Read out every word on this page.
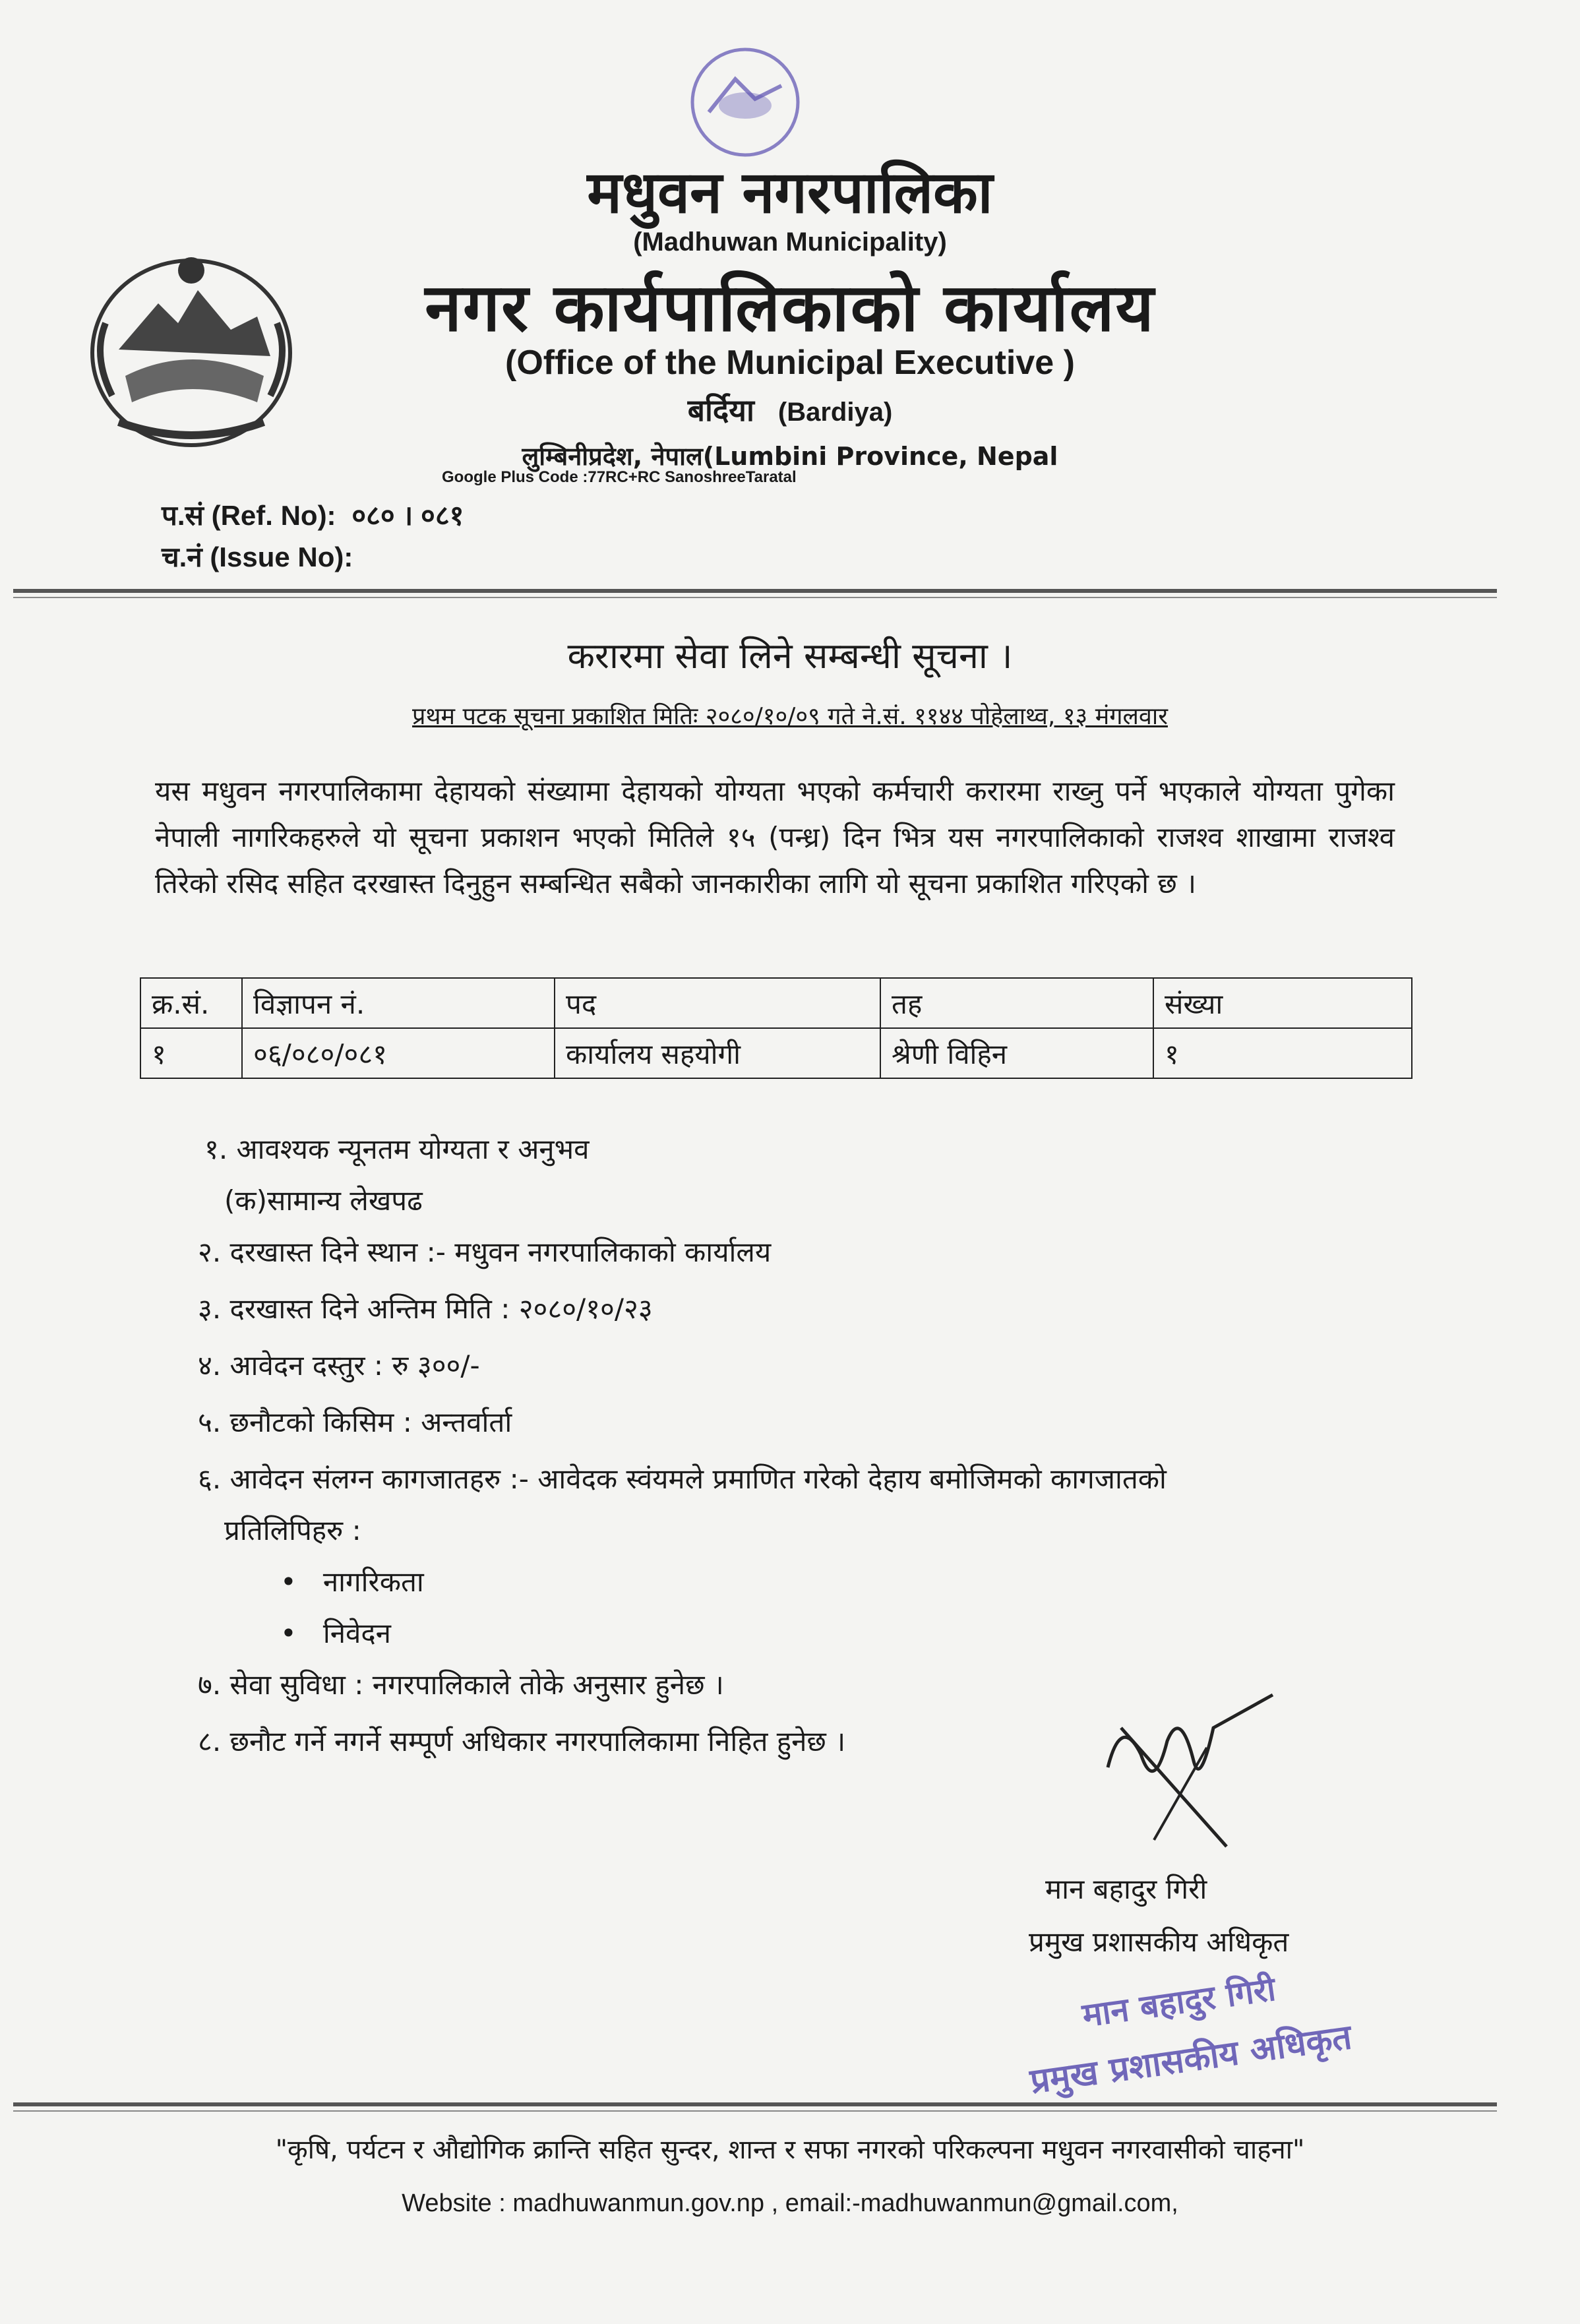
मधुवन नगरपालिका
(Madhuwan Municipality)
नगर कार्यपालिकाको कार्यालय
(Office of the Municipal Executive )
बर्दिया (Bardiya)
लुम्बिनीप्रदेश, नेपाल(Lumbini Province, Nepal
Google Plus Code :77RC+RC SanoshreeTaratal
प.सं (Ref. No): ०८० । ०८१
च.नं (Issue No):
करारमा सेवा लिने सम्बन्धी सूचना ।
प्रथम पटक सूचना प्रकाशित मितिः २०८०/१०/०९ गते ने.सं. ११४४ पोहेलाथ्व, १३ मंगलवार
यस मधुवन नगरपालिकामा देहायको संख्यामा देहायको योग्यता भएको कर्मचारी करारमा राख्नु पर्ने भएकाले योग्यता पुगेका नेपाली नागरिकहरुले यो सूचना प्रकाशन भएको मितिले १५ (पन्ध्र) दिन भित्र यस नगरपालिकाको राजश्व शाखामा राजश्व तिरेको रसिद सहित दरखास्त दिनुहुन सम्बन्धित सबैको जानकारीका लागि यो सूचना प्रकाशित गरिएको छ ।
क्र.सं.	विज्ञापन नं.	पद	तह	संख्या
१	०६/०८०/०८१	कार्यालय सहयोगी	श्रेणी विहिन	१
१. आवश्यक न्यूनतम योग्यता र अनुभव
(क)सामान्य लेखपढ
२. दरखास्त दिने स्थान :- मधुवन नगरपालिकाको कार्यालय
३. दरखास्त दिने अन्तिम मिति : २०८०/१०/२३
४. आवेदन दस्तुर : रु ३००/-
५. छनौटको किसिम : अन्तर्वार्ता
६. आवेदन संलग्न कागजातहरु :- आवेदक स्वंयमले प्रमाणित गरेको देहाय बमोजिमको कागजातको
प्रतिलिपिहरु :
•   नागरिकता
•   निवेदन
७. सेवा सुविधा : नगरपालिकाले तोके अनुसार हुनेछ ।
८. छनौट गर्ने नगर्ने सम्पूर्ण अधिकार नगरपालिकामा निहित हुनेछ ।
मान बहादुर गिरी
प्रमुख प्रशासकीय अधिकृत
मान बहादुर गिरी
प्रमुख प्रशासकीय अधिकृत
"कृषि, पर्यटन र औद्योगिक क्रान्ति सहित सुन्दर, शान्त र सफा नगरको परिकल्पना मधुवन नगरवासीको चाहना"
Website : madhuwanmun.gov.np , email:-madhuwanmun@gmail.com,
